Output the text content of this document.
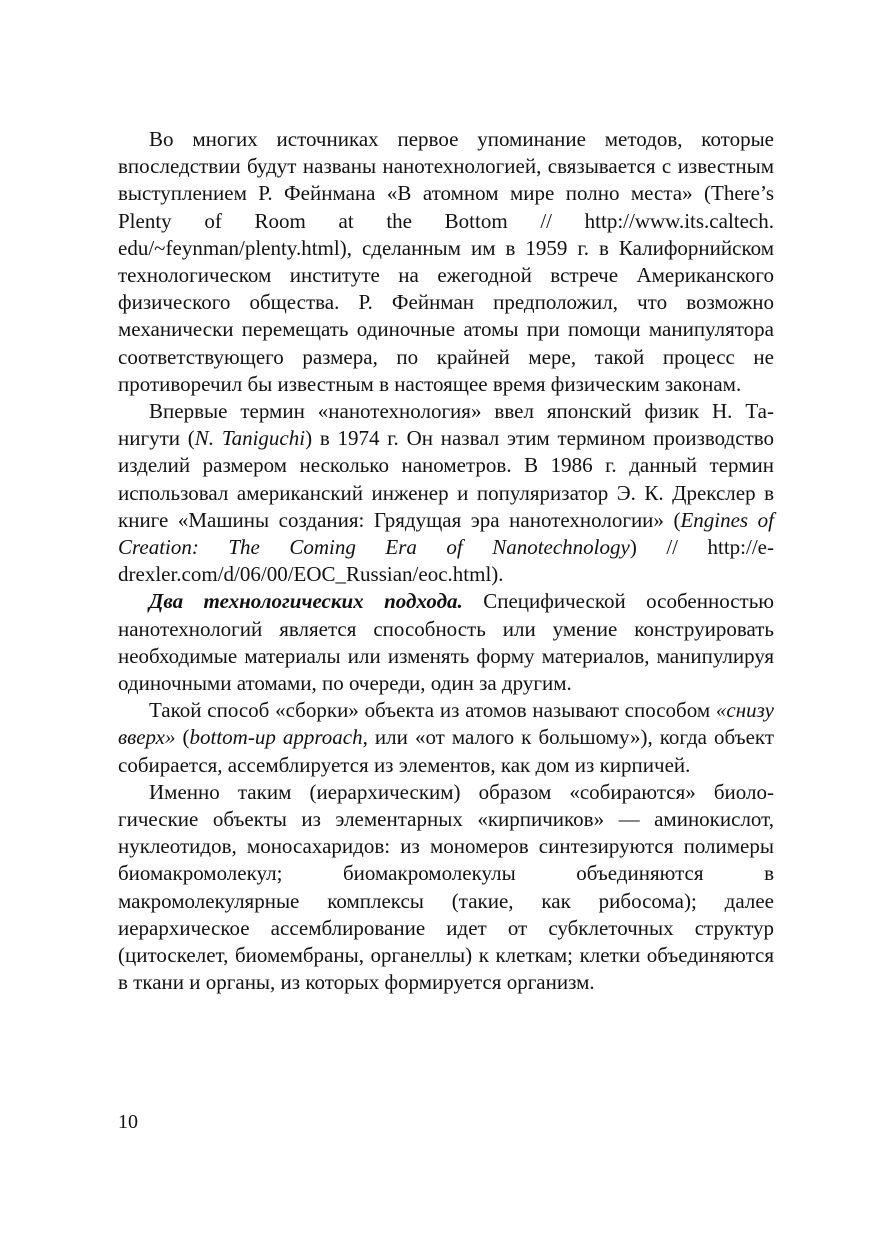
Во многих источниках первое упоминание методов, которые впоследствии будут названы нанотехнологией, связывается с известным выступлением Р. Фейнмана «В атомном мире полно места» (There’s Plenty of Room at the Bottom // http://www.its.caltech.​edu/~feynman/plenty.html), сделанным им в 1959 г. в Калифорнийском технологическом институте на ежегодной встрече Американского физического общества. Р. Фейнман предположил, что возможно механически перемещать одиночные атомы при помощи манипулятора соответствующего размера, по крайней мере, такой процесс не противоречил бы известным в настоящее время физическим законам.

Впервые термин «нанотехнология» ввел японский физик Н. Танигути (N. Taniguchi) в 1974 г. Он назвал этим термином производство изделий размером несколько нанометров. В 1986 г. данный термин использовал американский инженер и популяризатор Э. К. Дрекслер в книге «Машины создания: Грядущая эра нанотехнологии» (Engines of Creation: The Coming Era of Nanotechnology) // http://e-drexler.com/d/06/00/EOC_Russian/eoc.html).

Два технологических подхода. Специфической особенностью нанотехнологий является способность или умение конструировать необходимые материалы или изменять форму материалов, манипулируя одиночными атомами, по очереди, один за другим.

Такой способ «сборки» объекта из атомов называют способом «снизу вверх» (bottom-up approach, или «от малого к большому»), когда объект собирается, ассемблируется из элементов, как дом из кирпичей.

Именно таким (иерархическим) образом «собираются» биологические объекты из элементарных «кирпичиков» — аминокислот, нуклеотидов, моносахаридов: из мономеров синтезируются полимеры биомакромолекул; биомакромолекулы объединяются в макромолекулярные комплексы (такие, как рибосома); далее иерархическое ассемблирование идет от субклеточных структур (цитоскелет, биомембраны, органеллы) к клеткам; клетки объединяются в ткани и органы, из которых формируется организм.

10
